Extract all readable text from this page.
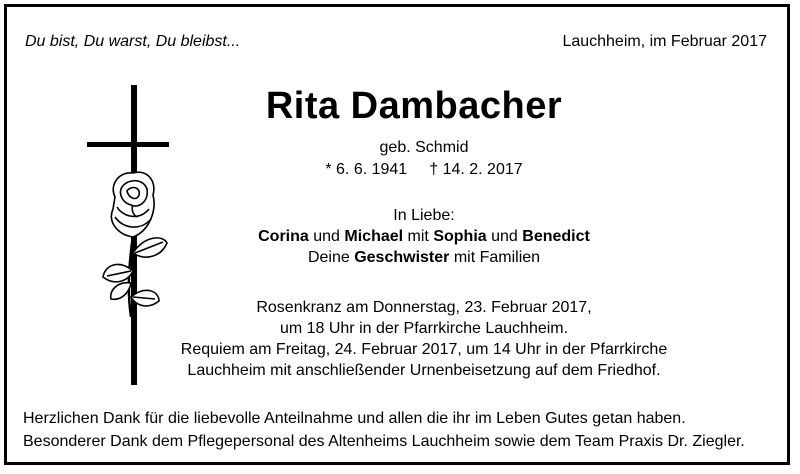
Du bist, Du warst, Du bleibst...	Lauchheim, im Februar 2017
Rita Dambacher
geb. Schmid
* 6. 6. 1941 † 14. 2. 2017
In Liebe:
Corina und Michael mit Sophia und Benedict
Deine Geschwister mit Familien
Rosenkranz am Donnerstag, 23. Februar 2017,
um 18 Uhr in der Pfarrkirche Lauchheim.
Requiem am Freitag, 24. Februar 2017, um 14 Uhr in der Pfarrkirche
Lauchheim mit anschließender Urnenbeisetzung auf dem Friedhof.
Herzlichen Dank für die liebevolle Anteilnahme und allen die ihr im Leben Gutes getan haben.
Besonderer Dank dem Pflegepersonal des Altenheims Lauchheim sowie dem Team Praxis Dr. Ziegler.
